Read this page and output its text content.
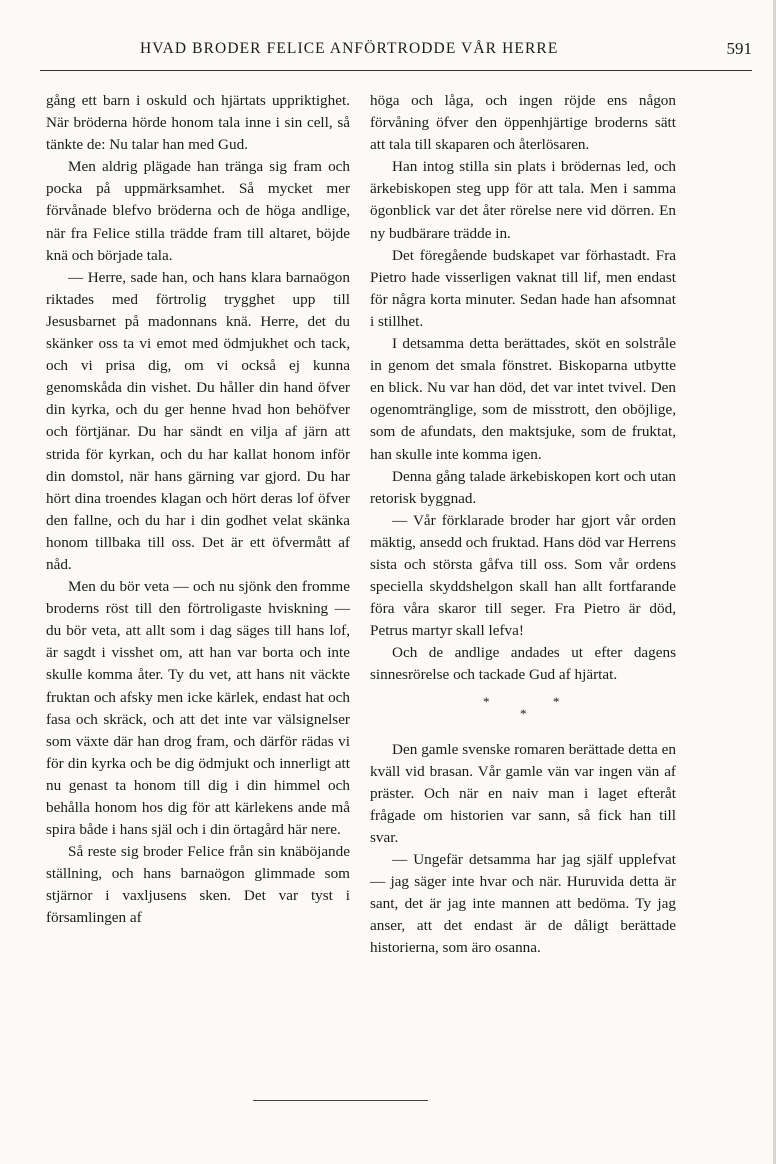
HVAD BRODER FELICE ANFÖRTRODDE VÅR HERRE	591

gång ett barn i oskuld och hjärtats uppriktighet. När bröderna hörde honom tala inne i sin cell, så tänkte de: Nu talar han med Gud.

Men aldrig plägade han tränga sig fram och pocka på uppmärksamhet. Så mycket mer förvånade blefvo bröderna och de höga andlige, när fra Felice stilla trädde fram till altaret, böjde knä och började tala.

— Herre, sade han, och hans klara barnaögon riktades med förtrolig trygghet upp till Jesusbarnet på madonnans knä. Herre, det du skänker oss ta vi emot med ödmjukhet och tack, och vi prisa dig, om vi också ej kunna genomskåda din vishet. Du håller din hand öfver din kyrka, och du ger henne hvad hon behöfver och förtjänar. Du har sändt en vilja af järn att strida för kyrkan, och du har kallat honom inför din domstol, när hans gärning var gjord. Du har hört dina troendes klagan och hört deras lof öfver den fallne, och du har i din godhet velat skänka honom tillbaka till oss. Det är ett öfvermått af nåd.

Men du bör veta — och nu sjönk den fromme broderns röst till den förtroligaste hviskning — du bör veta, att allt som i dag säges till hans lof, är sagdt i visshet om, att han var borta och inte skulle komma åter. Ty du vet, att hans nit väckte fruktan och afsky men icke kärlek, endast hat och fasa och skräck, och att det inte var välsignelser som växte där han drog fram, och därför rädas vi för din kyrka och be dig ödmjukt och innerligt att nu genast ta honom till dig i din himmel och behålla honom hos dig för att kärlekens ande må spira både i hans själ och i din örtagård här nere.

Så reste sig broder Felice från sin knäböjande ställning, och hans barnaögon glimmade som stjärnor i vaxljusens sken. Det var tyst i församlingen af

höga och låga, och ingen röjde ens någon förvåning öfver den öppenhjärtige broderns sätt att tala till skaparen och återlösaren.

Han intog stilla sin plats i brödernas led, och ärkebiskopen steg upp för att tala. Men i samma ögonblick var det åter rörelse nere vid dörren. En ny budbärare trädde in.

Det föregående budskapet var förhastadt. Fra Pietro hade visserligen vaknat till lif, men endast för några korta minuter. Sedan hade han afsomnat i stillhet.

I detsamma detta berättades, sköt en solstråle in genom det smala fönstret. Biskoparna utbytte en blick. Nu var han död, det var intet tvivel. Den ogenomtränglige, som de misstrott, den oböjlige, som de afundats, den maktsjuke, som de fruktat, han skulle inte komma igen.

Denna gång talade ärkebiskopen kort och utan retorisk byggnad.

— Vår förklarade broder har gjort vår orden mäktig, ansedd och fruktad. Hans död var Herrens sista och största gåfva till oss. Som vår ordens speciella skyddshelgon skall han allt fortfarande föra våra skaror till seger. Fra Pietro är död, Petrus martyr skall lefva!

Och de andlige andades ut efter dagens sinnesrörelse och tackade Gud af hjärtat.

*
*
*

Den gamle svenske romaren berättade detta en kväll vid brasan. Vår gamle vän var ingen vän af präster. Och när en naiv man i laget efteråt frågade om historien var sann, så fick han till svar.

— Ungefär detsamma har jag själf upplefvat — jag säger inte hvar och när. Huruvida detta är sant, det är jag inte mannen att bedöma. Ty jag anser, att det endast är de dåligt berättade historierna, som äro osanna.
